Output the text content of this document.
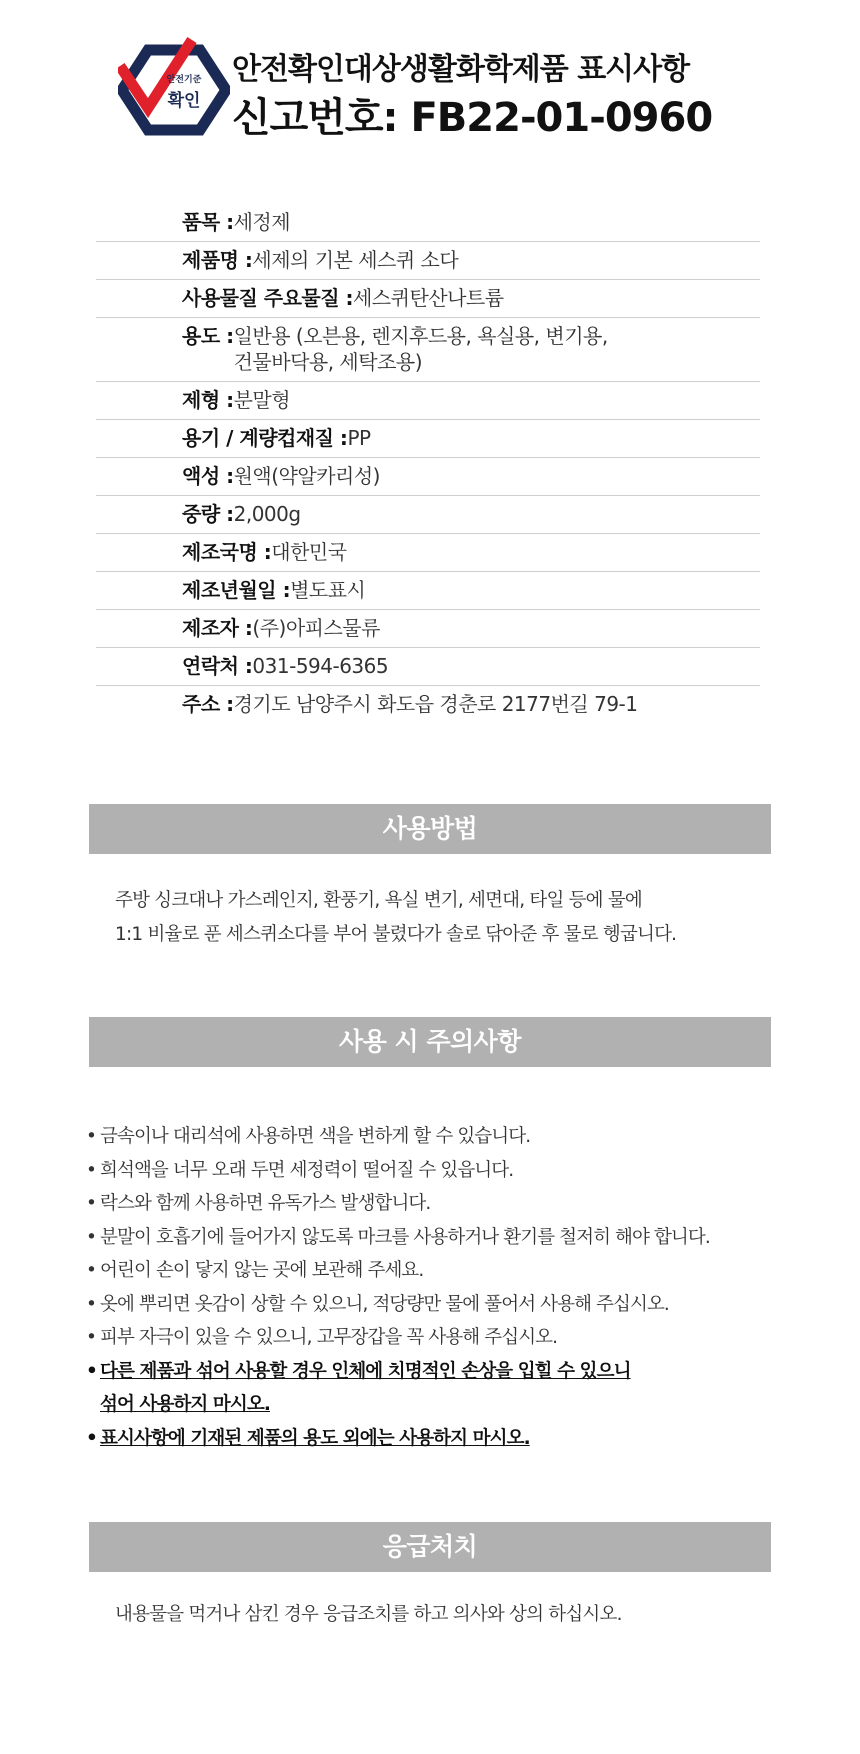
안전기준
확인
안전확인대상생활화학제품 표시사항
신고번호: FB22-01-0960
품목 : 세정제
제품명 : 세제의 기본 세스퀴 소다
사용물질 주요물질 : 세스퀴탄산나트륨
용도 : 일반용 (오븐용, 렌지후드용, 욕실용, 변기용,
건물바닥용, 세탁조용)
제형 : 분말형
용기 / 계량컵재질 : PP
액성 : 원액(약알카리성)
중량 : 2,000g
제조국명 : 대한민국
제조년월일 : 별도표시
제조자 : (주)아피스물류
연락처 : 031-594-6365
주소 : 경기도 남양주시 화도읍 경춘로 2177번길 79-1
사용방법
주방 싱크대나 가스레인지, 환풍기, 욕실 변기, 세면대, 타일 등에 물에
1:1 비율로 푼 세스퀴소다를 부어 불렸다가 솔로 닦아준 후 물로 헹굽니다.
사용 시 주의사항
• 금속이나 대리석에 사용하면 색을 변하게 할 수 있습니다.
• 희석액을 너무 오래 두면 세정력이 떨어질 수 있읍니다.
• 락스와 함께 사용하면 유독가스 발생합니다.
• 분말이 호흡기에 들어가지 않도록 마크를 사용하거나 환기를 철저히 해야 합니다.
• 어린이 손이 닿지 않는 곳에 보관해 주세요.
• 옷에 뿌리면 옷감이 상할 수 있으니, 적당량만 물에 풀어서 사용해 주십시오.
• 피부 자극이 있을 수 있으니, 고무장갑을 꼭 사용해 주십시오.
• 다른 제품과 섞어 사용할 경우 인체에 치명적인 손상을 입힐 수 있으니
섞어 사용하지 마시오.
• 표시사항에 기재된 제품의 용도 외에는 사용하지 마시오.
응급처치
내용물을 먹거나 삼킨 경우 응급조치를 하고 의사와 상의 하십시오.
